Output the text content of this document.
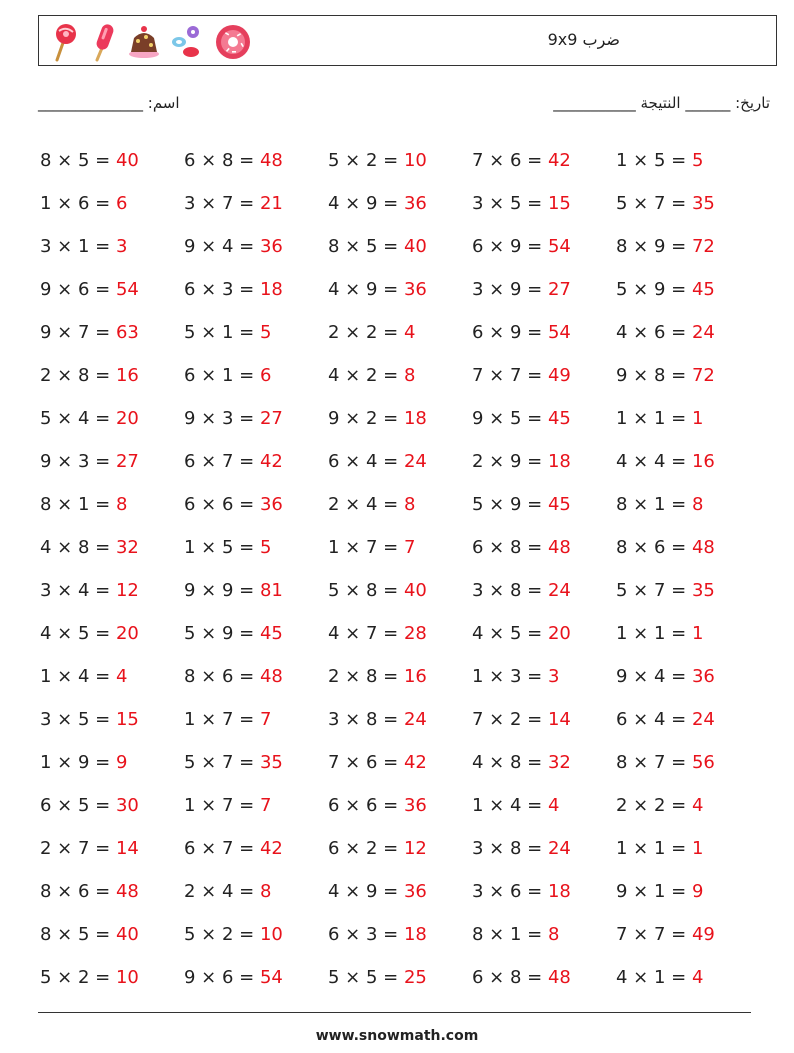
ضرب 9x9
اسم: ______________	تاريخ: ______ النتيجة ___________
8 × 5 = 40	6 × 8 = 48	5 × 2 = 10	7 × 6 = 42	1 × 5 = 5
1 × 6 = 6	3 × 7 = 21	4 × 9 = 36	3 × 5 = 15	5 × 7 = 35
3 × 1 = 3	9 × 4 = 36	8 × 5 = 40	6 × 9 = 54	8 × 9 = 72
9 × 6 = 54	6 × 3 = 18	4 × 9 = 36	3 × 9 = 27	5 × 9 = 45
9 × 7 = 63	5 × 1 = 5	2 × 2 = 4	6 × 9 = 54	4 × 6 = 24
2 × 8 = 16	6 × 1 = 6	4 × 2 = 8	7 × 7 = 49	9 × 8 = 72
5 × 4 = 20	9 × 3 = 27	9 × 2 = 18	9 × 5 = 45	1 × 1 = 1
9 × 3 = 27	6 × 7 = 42	6 × 4 = 24	2 × 9 = 18	4 × 4 = 16
8 × 1 = 8	6 × 6 = 36	2 × 4 = 8	5 × 9 = 45	8 × 1 = 8
4 × 8 = 32	1 × 5 = 5	1 × 7 = 7	6 × 8 = 48	8 × 6 = 48
3 × 4 = 12	9 × 9 = 81	5 × 8 = 40	3 × 8 = 24	5 × 7 = 35
4 × 5 = 20	5 × 9 = 45	4 × 7 = 28	4 × 5 = 20	1 × 1 = 1
1 × 4 = 4	8 × 6 = 48	2 × 8 = 16	1 × 3 = 3	9 × 4 = 36
3 × 5 = 15	1 × 7 = 7	3 × 8 = 24	7 × 2 = 14	6 × 4 = 24
1 × 9 = 9	5 × 7 = 35	7 × 6 = 42	4 × 8 = 32	8 × 7 = 56
6 × 5 = 30	1 × 7 = 7	6 × 6 = 36	1 × 4 = 4	2 × 2 = 4
2 × 7 = 14	6 × 7 = 42	6 × 2 = 12	3 × 8 = 24	1 × 1 = 1
8 × 6 = 48	2 × 4 = 8	4 × 9 = 36	3 × 6 = 18	9 × 1 = 9
8 × 5 = 40	5 × 2 = 10	6 × 3 = 18	8 × 1 = 8	7 × 7 = 49
5 × 2 = 10	9 × 6 = 54	5 × 5 = 25	6 × 8 = 48	4 × 1 = 4
www.snowmath.com
